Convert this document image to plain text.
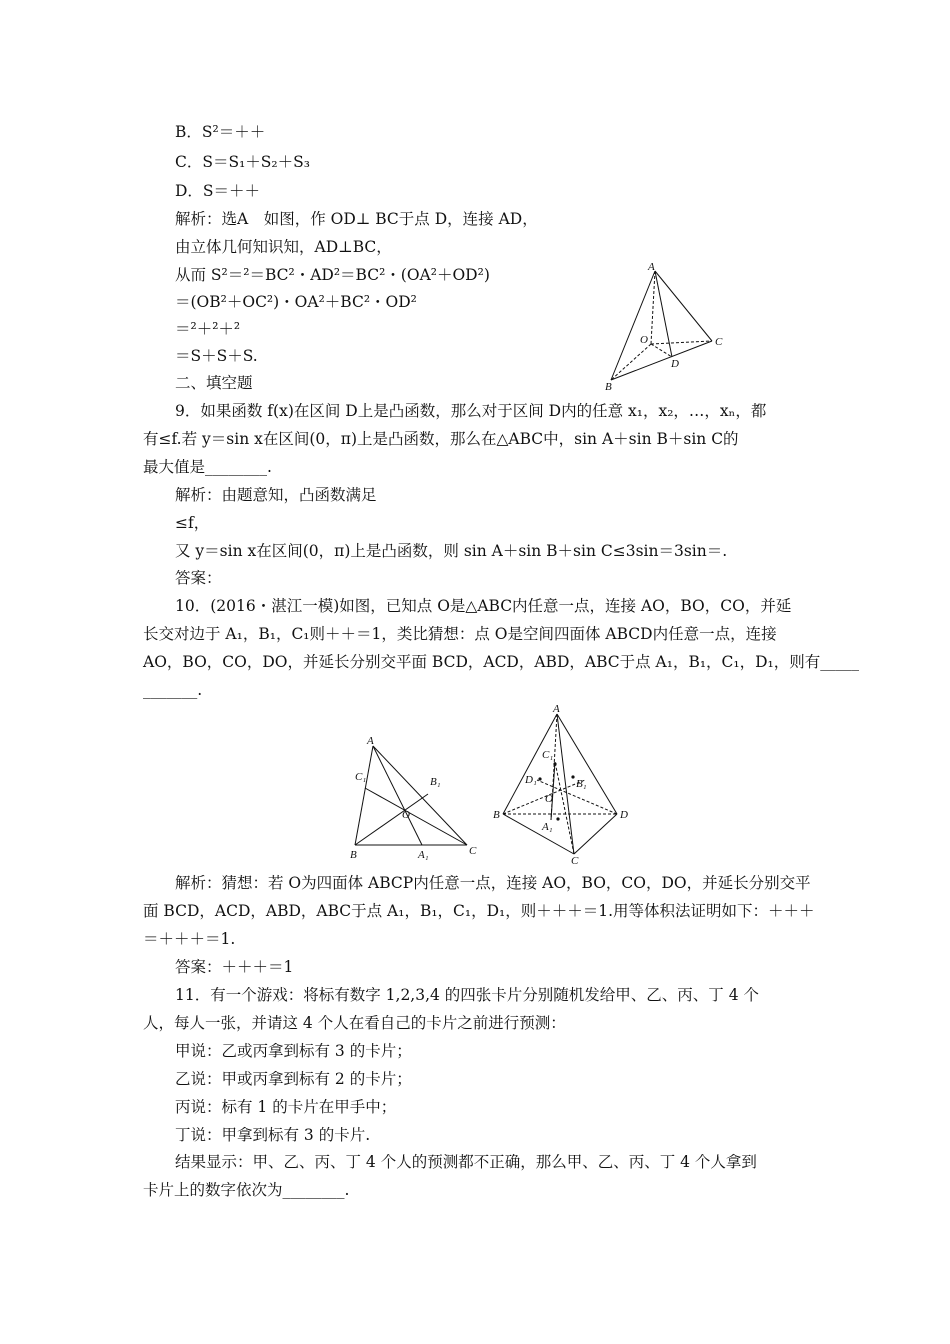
B．S²＝＋＋
C．S＝S₁＋S₂＋S₃
D．S＝＋＋
解析：选A　如图，作 OD⊥ BC于点 D，连接 AD，
由立体几何知识知，AD⊥BC，
从而 S²＝²＝BC²・AD²＝BC²・(OA²＋OD²)
＝(OB²＋OC²)・OA²＋BC²・OD²
＝²＋²＋²
＝S＋S＋S.
二、填空题
9．如果函数 f(x)在区间 D上是凸函数，那么对于区间 D内的任意 x₁，x₂，…，xₙ，都
有≤f.若 y＝sin x在区间(0，π)上是凸函数，那么在△ABC中，sin A＋sin B＋sin C的
最大值是________.
解析：由题意知，凸函数满足
≤f，
又 y＝sin x在区间(0，π)上是凸函数，则 sin A＋sin B＋sin C≤3sin＝3sin＝.
答案：
10．(2016・湛江一模)如图，已知点 O是△ABC内任意一点，连接 AO，BO，CO，并延
长交对边于 A₁，B₁，C₁则＋＋＝1，类比猜想：点 O是空间四面体 ABCD内任意一点，连接
AO，BO，CO，DO，并延长分别交平面 BCD，ACD，ABD，ABC于点 A₁，B₁，C₁，D₁，则有_____
_______.
解析：猜想：若 O为四面体 ABCP内任意一点，连接 AO，BO，CO，DO，并延长分别交平
面 BCD，ACD，ABD，ABC于点 A₁，B₁，C₁，D₁，则＋＋＋＝1.用等体积法证明如下：＋＋＋
＝＋＋＋＝1.
答案：＋＋＋＝1
11．有一个游戏：将标有数字 1,2,3,4 的四张卡片分别随机发给甲、乙、丙、丁 4 个
人，每人一张，并请这 4 个人在看自己的卡片之前进行预测：
甲说：乙或丙拿到标有 3 的卡片；
乙说：甲或丙拿到标有 2 的卡片；
丙说：标有 1 的卡片在甲手中；
丁说：甲拿到标有 3 的卡片.
结果显示：甲、乙、丙、丁 4 个人的预测都不正确，那么甲、乙、丙、丁 4 个人拿到
卡片上的数字依次为________.
A
B
C
D
O
A
B	C
O
A₁
B₁
C₁
A
B
C
D
O
C₁
D₁	B₁
A₁
